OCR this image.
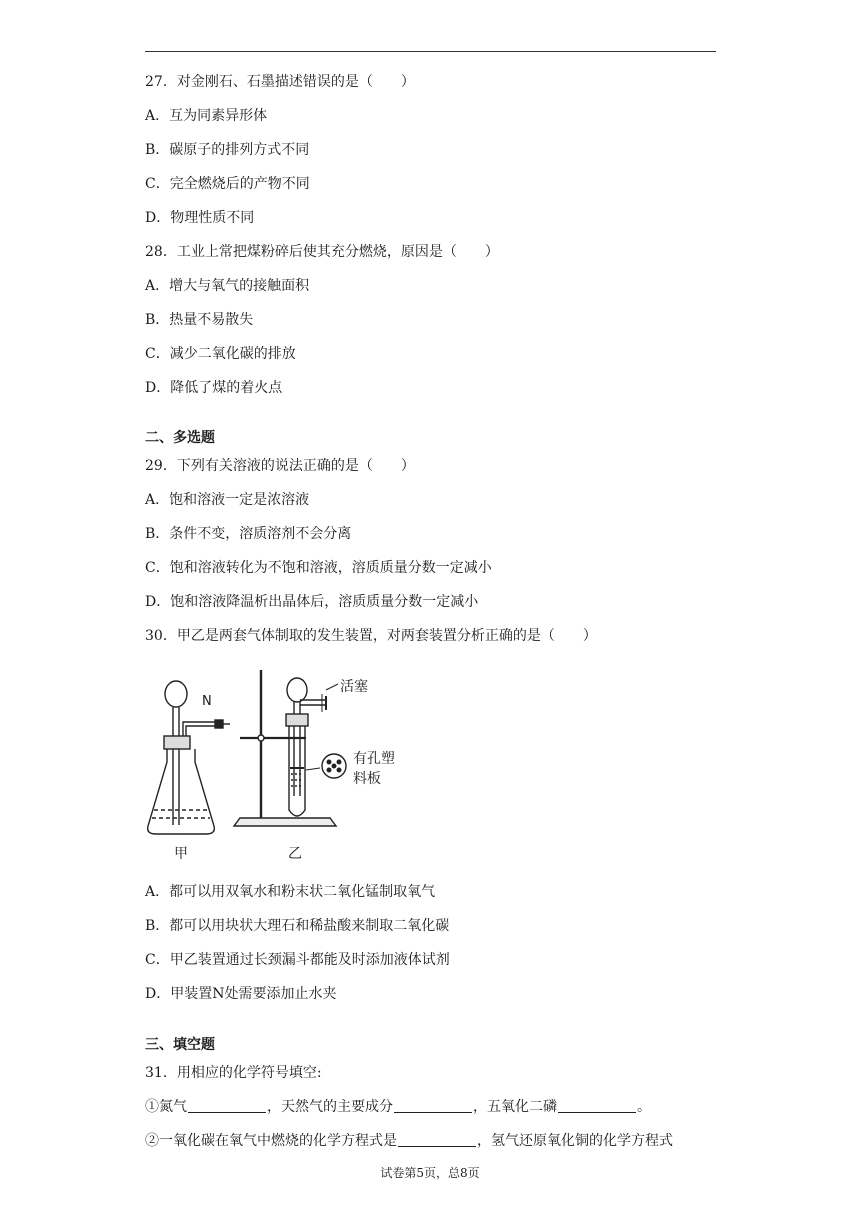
27．对金刚石、石墨描述错误的是（　　）
A．互为同素异形体
B．碳原子的排列方式不同
C．完全燃烧后的产物不同
D．物理性质不同
28．工业上常把煤粉碎后使其充分燃烧，原因是（　　）
A．增大与氧气的接触面积
B．热量不易散失
C．减少二氧化碳的排放
D．降低了煤的着火点
二、多选题
29．下列有关溶液的说法正确的是（　　）
A．饱和溶液一定是浓溶液
B．条件不变，溶质溶剂不会分离
C．饱和溶液转化为不饱和溶液，溶质质量分数一定减小
D．饱和溶液降温析出晶体后，溶质质量分数一定减小
30．甲乙是两套气体制取的发生装置，对两套装置分析正确的是（　　）
N
活塞
有孔塑
料板
甲	乙
A．都可以用双氧水和粉末状二氧化锰制取氧气
B．都可以用块状大理石和稀盐酸来制取二氧化碳
C．甲乙装置通过长颈漏斗都能及时添加液体试剂
D．甲装置N处需要添加止水夹
三、填空题
31．用相应的化学符号填空:
①氮气	，天然气的主要成分	，五氧化二磷	。
②一氧化碳在氧气中燃烧的化学方程式是	，氢气还原氧化铜的化学方程式
试卷第5页，总8页
